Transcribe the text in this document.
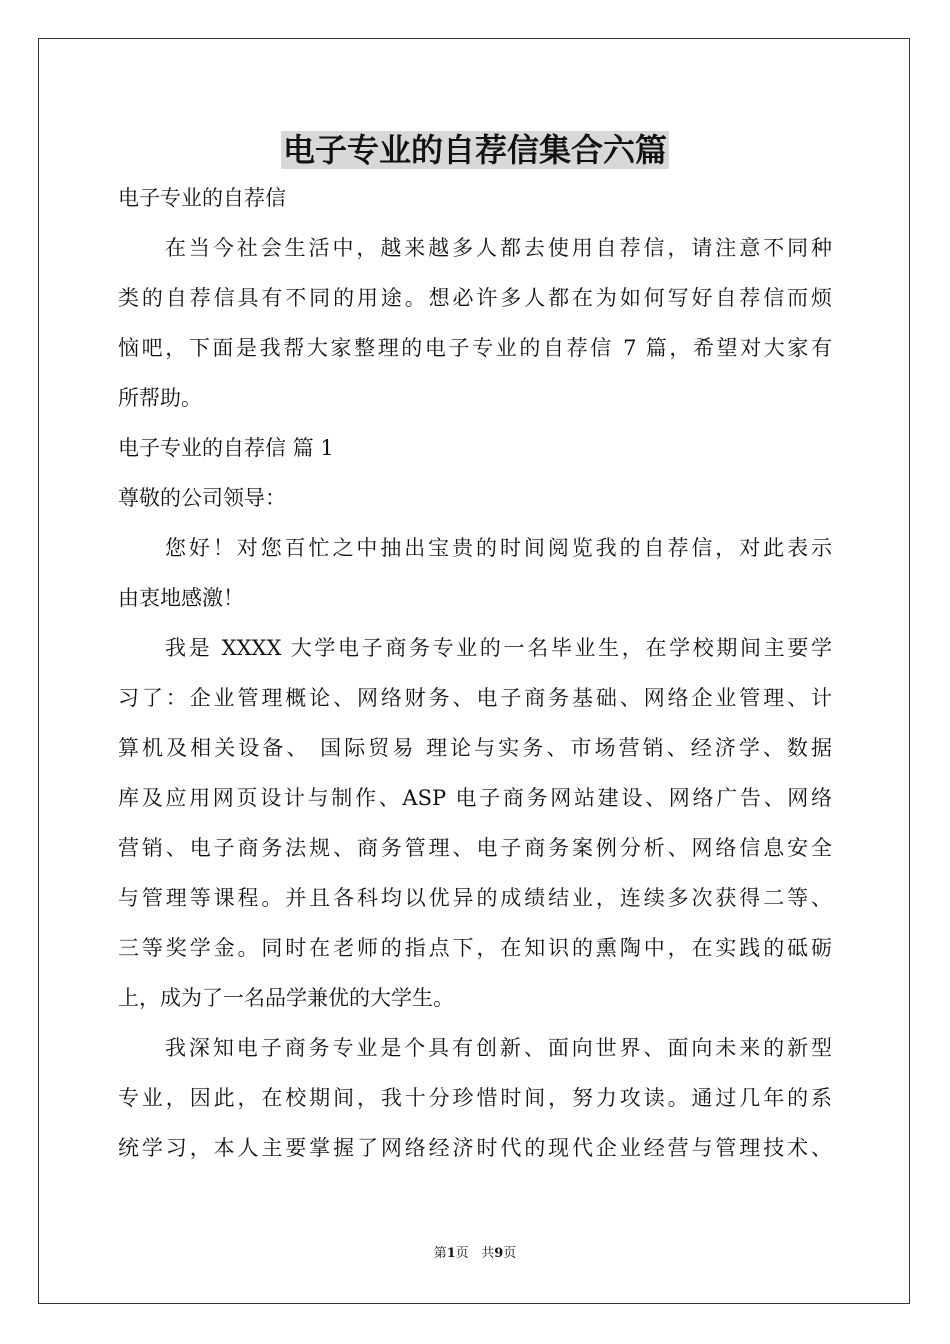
电子专业的自荐信集合六篇

电子专业的自荐信

在当今社会生活中，越来越多人都去使用自荐信，请注意不同种

类的自荐信具有不同的用途。想必许多人都在为如何写好自荐信而烦

恼吧，下面是我帮大家整理的电子专业的自荐信 7 篇，希望对大家有

所帮助。

电子专业的自荐信 篇 1

尊敬的公司领导：

您好！对您百忙之中抽出宝贵的时间阅览我的自荐信，对此表示

由衷地感激！

我是 XXXX 大学电子商务专业的一名毕业生，在学校期间主要学

习了：企业管理概论、网络财务、电子商务基础、网络企业管理、计

算机及相关设备、 国际贸易 理论与实务、市场营销、经济学、数据

库及应用网页设计与制作、ASP 电子商务网站建设、网络广告、网络

营销、电子商务法规、商务管理、电子商务案例分析、网络信息安全

与管理等课程。并且各科均以优异的成绩结业，连续多次获得二等、

三等奖学金。同时在老师的指点下，在知识的熏陶中，在实践的砥砺

上，成为了一名品学兼优的大学生。

我深知电子商务专业是个具有创新、面向世界、面向未来的新型

专业，因此，在校期间，我十分珍惜时间，努力攻读。通过几年的系

统学习，本人主要掌握了网络经济时代的现代企业经营与管理技术、

第1页 共9页
